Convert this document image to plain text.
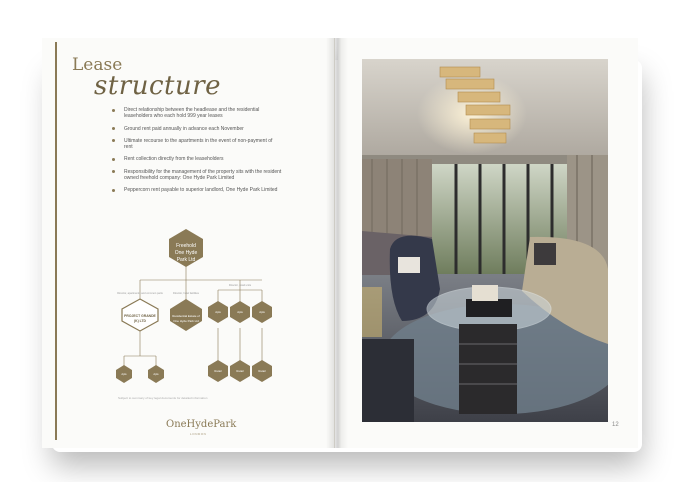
Lease
structure
Direct relationship between the headlease and the residential leaseholders who each hold 999 year leases
Ground rent paid annually in advance each November
Ultimate recourse to the apartments in the event of non-payment of rent
Rent collection directly from the leaseholders
Responsibility for the management of the property sits with the resident owned freehold company: One Hyde Park Limited
Peppercorn rent payable to superior landlord, One Hyde Park Limited
Freehold
One Hyde
Park Ltd
Director, apartments and common parts	Director, hotel facilities
Director, retail units
PROJECT GRANDE
(K) LTD
Residential Estate of
One Hyde Park Ltd
Apts	Apts	Apts
Apts	Apts
Retail	Retail	Retail
Subject to summary of key legal documents for detailed information
OneHydePark
LONDON
12
